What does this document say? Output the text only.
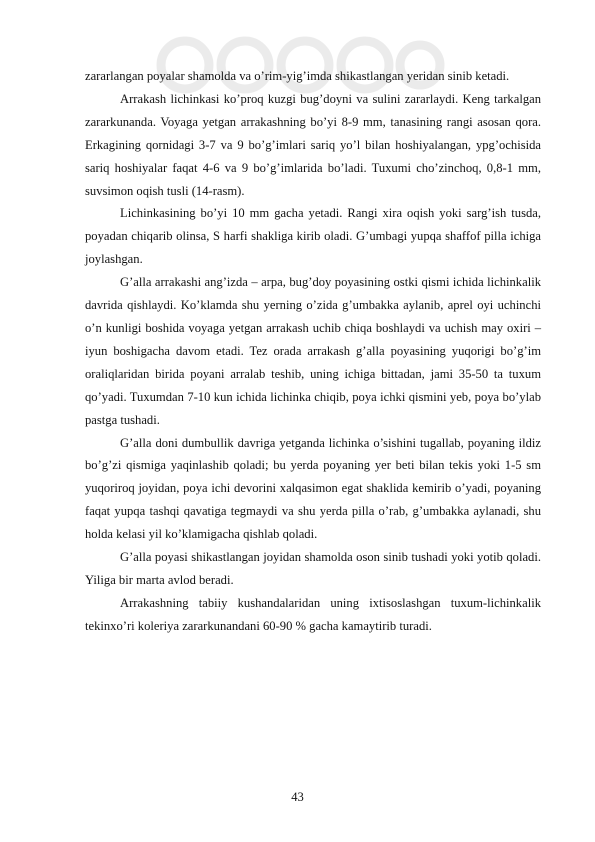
zararlangan poyalar shamolda va o’rim-yig’imda shikastlangan yeridan sinib ketadi.

Arrakash lichinkasi ko’proq kuzgi bug’doyni va sulini zararlaydi. Keng tarkalgan zararkunanda. Voyaga yetgan arrakashning bo’yi 8-9 mm, tanasining rangi asosan qora. Erkagining qornidagi 3-7 va 9 bo’g’imlari sariq yo’l bilan hoshiyalangan, ypg’ochisida sariq hoshiyalar faqat 4-6 va 9 bo’g’imlarida bo’ladi. Tuxumi cho’zinchoq, 0,8-1 mm, suvsimon oqish tusli (14-rasm).

Lichinkasining bo’yi 10 mm gacha yetadi. Rangi xira oqish yoki sarg’ish tusda, poyadan chiqarib olinsa, S harfi shakliga kirib oladi. G’umbagi yupqa shaffof pilla ichiga joylashgan.

G’alla arrakashi ang’izda – arpa, bug’doy poyasining ostki qismi ichida lichinkalik davrida qishlaydi. Ko’klamda shu yerning o’zida g’umbakka aylanib, aprel oyi uchinchi o’n kunligi boshida voyaga yetgan arrakash uchib chiqa boshlaydi va uchish may oxiri – iyun boshigacha davom etadi. Tez orada arrakash g’alla poyasining yuqorigi bo’g’im oraliqlaridan birida poyani arralab teshib, uning ichiga bittadan, jami 35-50 ta tuxum qo’yadi. Tuxumdan 7-10 kun ichida lichinka chiqib, poya ichki qismini yeb, poya bo’ylab pastga tushadi.

G’alla doni dumbullik davriga yetganda lichinka o’sishini tugallab, poyaning ildiz bo’g’zi qismiga yaqinlashib qoladi; bu yerda poyaning yer beti bilan tekis yoki 1-5 sm yuqoriroq joyidan, poya ichi devorini xalqasimon egat shaklida kemirib o’yadi, poyaning faqat yupqa tashqi qavatiga tegmaydi va shu yerda pilla o’rab, g’umbakka aylanadi, shu holda kelasi yil ko’klamigacha qishlab qoladi.

G’alla poyasi shikastlangan joyidan shamolda oson sinib tushadi yoki yotib qoladi. Yiliga bir marta avlod beradi.

Arrakashning tabiiy kushandalaridan uning ixtisoslashgan tuxum-lichinkalik tekinxo’ri koleriya zararkunandani 60-90 % gacha kamaytirib turadi.

43
